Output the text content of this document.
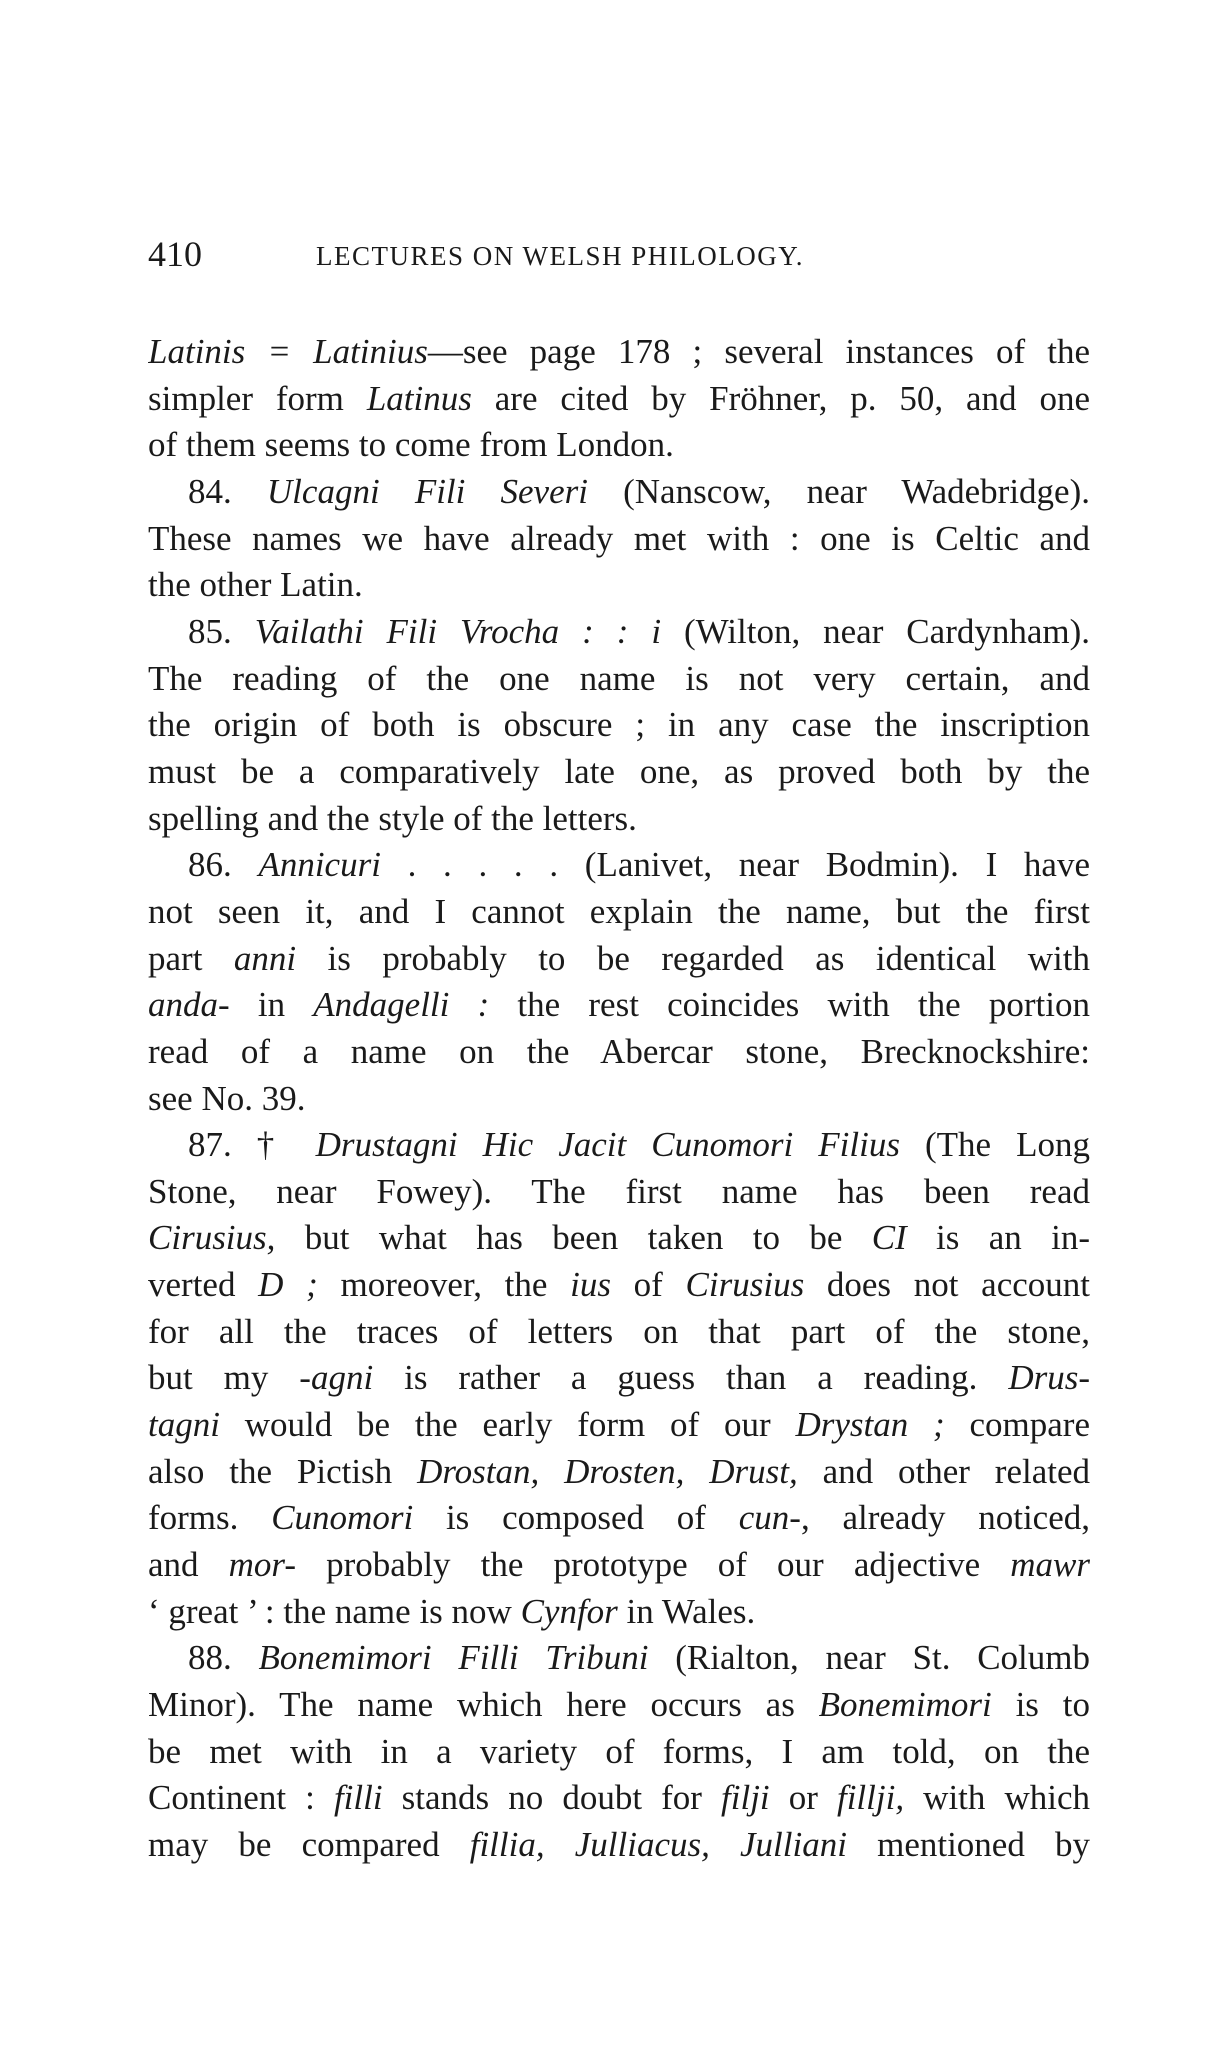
410	LECTURES ON WELSH PHILOLOGY.
Latinis = Latinius—see page 178 ; several instances of the
simpler form Latinus are cited by Fröhner, p. 50, and one
of them seems to come from London.
84. Ulcagni Fili Severi (Nanscow, near Wadebridge).
These names we have already met with : one is Celtic and
the other Latin.
85. Vailathi Fili Vrocha : : i (Wilton, near Cardynham).
The reading of the one name is not very certain, and
the origin of both is obscure ; in any case the inscription
must be a comparatively late one, as proved both by the
spelling and the style of the letters.
86. Annicuri . . . . . (Lanivet, near Bodmin). I have
not seen it, and I cannot explain the name, but the first
part anni is probably to be regarded as identical with
anda- in Andagelli : the rest coincides with the portion
read of a name on the Abercar stone, Brecknockshire:
see No. 39.
87. † Drustagni Hic Jacit Cunomori Filius (The Long
Stone, near Fowey). The first name has been read
Cirusius, but what has been taken to be CI is an in-
verted D ; moreover, the ius of Cirusius does not account
for all the traces of letters on that part of the stone,
but my -agni is rather a guess than a reading. Drus-
tagni would be the early form of our Drystan ; compare
also the Pictish Drostan, Drosten, Drust, and other related
forms. Cunomori is composed of cun-, already noticed,
and mor- probably the prototype of our adjective mawr
‘ great ’ : the name is now Cynfor in Wales.
88. Bonemimori Filli Tribuni (Rialton, near St. Columb
Minor). The name which here occurs as Bonemimori is to
be met with in a variety of forms, I am told, on the
Continent : filli stands no doubt for filji or fillji, with which
may be compared fillia, Julliacus, Julliani mentioned by
